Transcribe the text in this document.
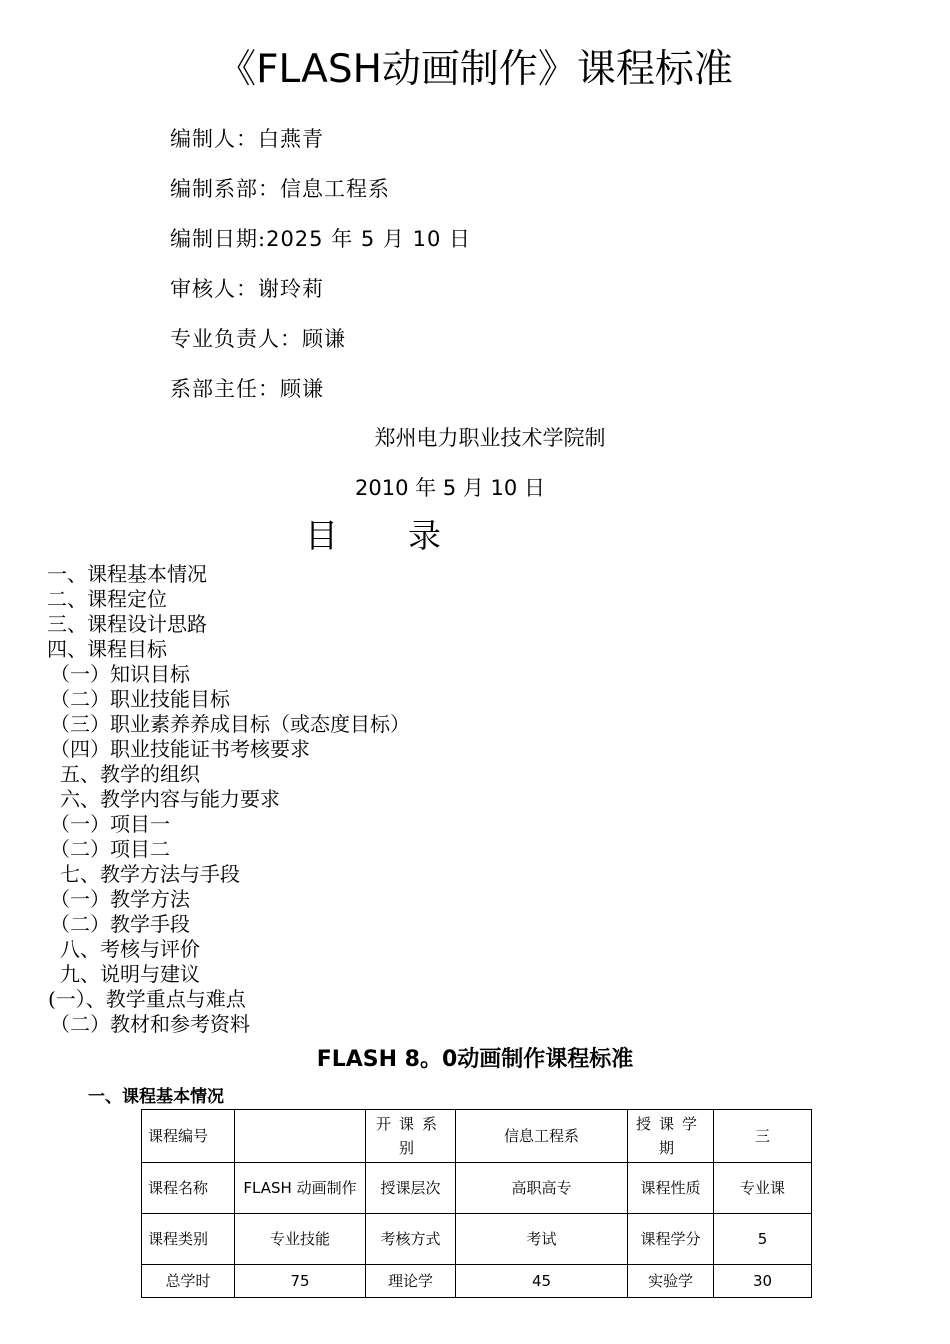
《FLASH动画制作》课程标准
编制人：白燕青
编制系部：信息工程系
编制日期:2025 年 5 月 10 日
审核人：谢玲莉
专业负责人：顾谦
系部主任：顾谦
郑州电力职业技术学院制
2010 年 5 月 10 日
目录
一、课程基本情况
二、课程定位
三、课程设计思路
四、课程目标
（一）知识目标
（二）职业技能目标
（三）职业素养养成目标（或态度目标）
（四）职业技能证书考核要求
五、教学的组织
六、教学内容与能力要求
（一）项目一
（二）项目二
七、教学方法与手段
（一）教学方法
（二）教学手段
八、考核与评价
九、说明与建议
(一）、教学重点与难点
（二）教材和参考资料
FLASH 8。0动画制作课程标准
一、课程基本情况
课程编号		开课系别	信息工程系	授课学期	三
课程名称	FLASH 动画制作	授课层次	高职高专	课程性质	专业课
课程类别	专业技能	考核方式	考试	课程学分	5
总学时	75	理论学	45	实验学	30
